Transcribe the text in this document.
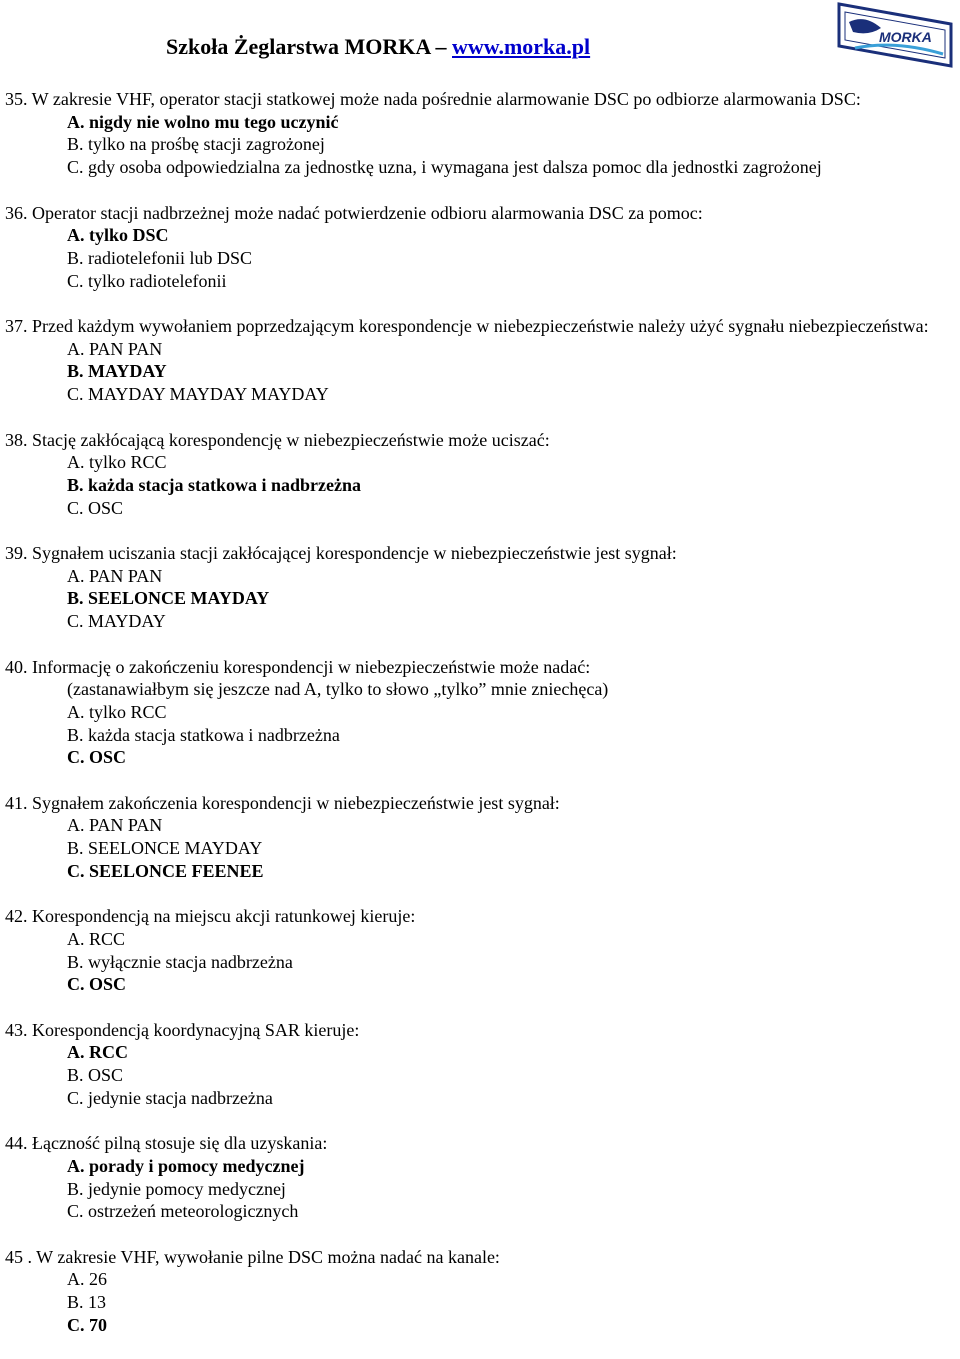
Szkoła Żeglarstwa MORKA – www.morka.pl	MORKA
35. W zakresie VHF, operator stacji statkowej może nada pośrednie alarmowanie DSC po odbiorze alarmowania DSC:
A. nigdy nie wolno mu tego uczynić
B. tylko na prośbę stacji zagrożonej
C. gdy osoba odpowiedzialna za jednostkę uzna, i wymagana jest dalsza pomoc dla jednostki zagrożonej
36. Operator stacji nadbrzeżnej może nadać potwierdzenie odbioru alarmowania DSC za pomoc:
A. tylko DSC
B. radiotelefonii lub DSC
C. tylko radiotelefonii
37. Przed każdym wywołaniem poprzedzającym korespondencje w niebezpieczeństwie należy użyć sygnału niebezpieczeństwa:
A. PAN PAN
B. MAYDAY
C. MAYDAY MAYDAY MAYDAY
38. Stację zakłócającą korespondencję w niebezpieczeństwie może uciszać:
A. tylko RCC
B. każda stacja statkowa i nadbrzeżna
C. OSC
39. Sygnałem uciszania stacji zakłócającej korespondencje w niebezpieczeństwie jest sygnał:
A. PAN PAN
B. SEELONCE MAYDAY
C. MAYDAY
40. Informację o zakończeniu korespondencji w niebezpieczeństwie może nadać:
(zastanawiałbym się jeszcze nad A, tylko to słowo „tylko” mnie zniechęca)
A. tylko RCC
B. każda stacja statkowa i nadbrzeżna
C. OSC
41. Sygnałem zakończenia korespondencji w niebezpieczeństwie jest sygnał:
A. PAN PAN
B. SEELONCE MAYDAY
C. SEELONCE FEENEE
42. Korespondencją na miejscu akcji ratunkowej kieruje:
A. RCC
B. wyłącznie stacja nadbrzeżna
C. OSC
43. Korespondencją koordynacyjną SAR kieruje:
A. RCC
B. OSC
C. jedynie stacja nadbrzeżna
44. Łączność pilną stosuje się dla uzyskania:
A. porady i pomocy medycznej
B. jedynie pomocy medycznej
C. ostrzeżeń meteorologicznych
45 . W zakresie VHF, wywołanie pilne DSC można nadać na kanale:
A. 26
B. 13
C. 70
